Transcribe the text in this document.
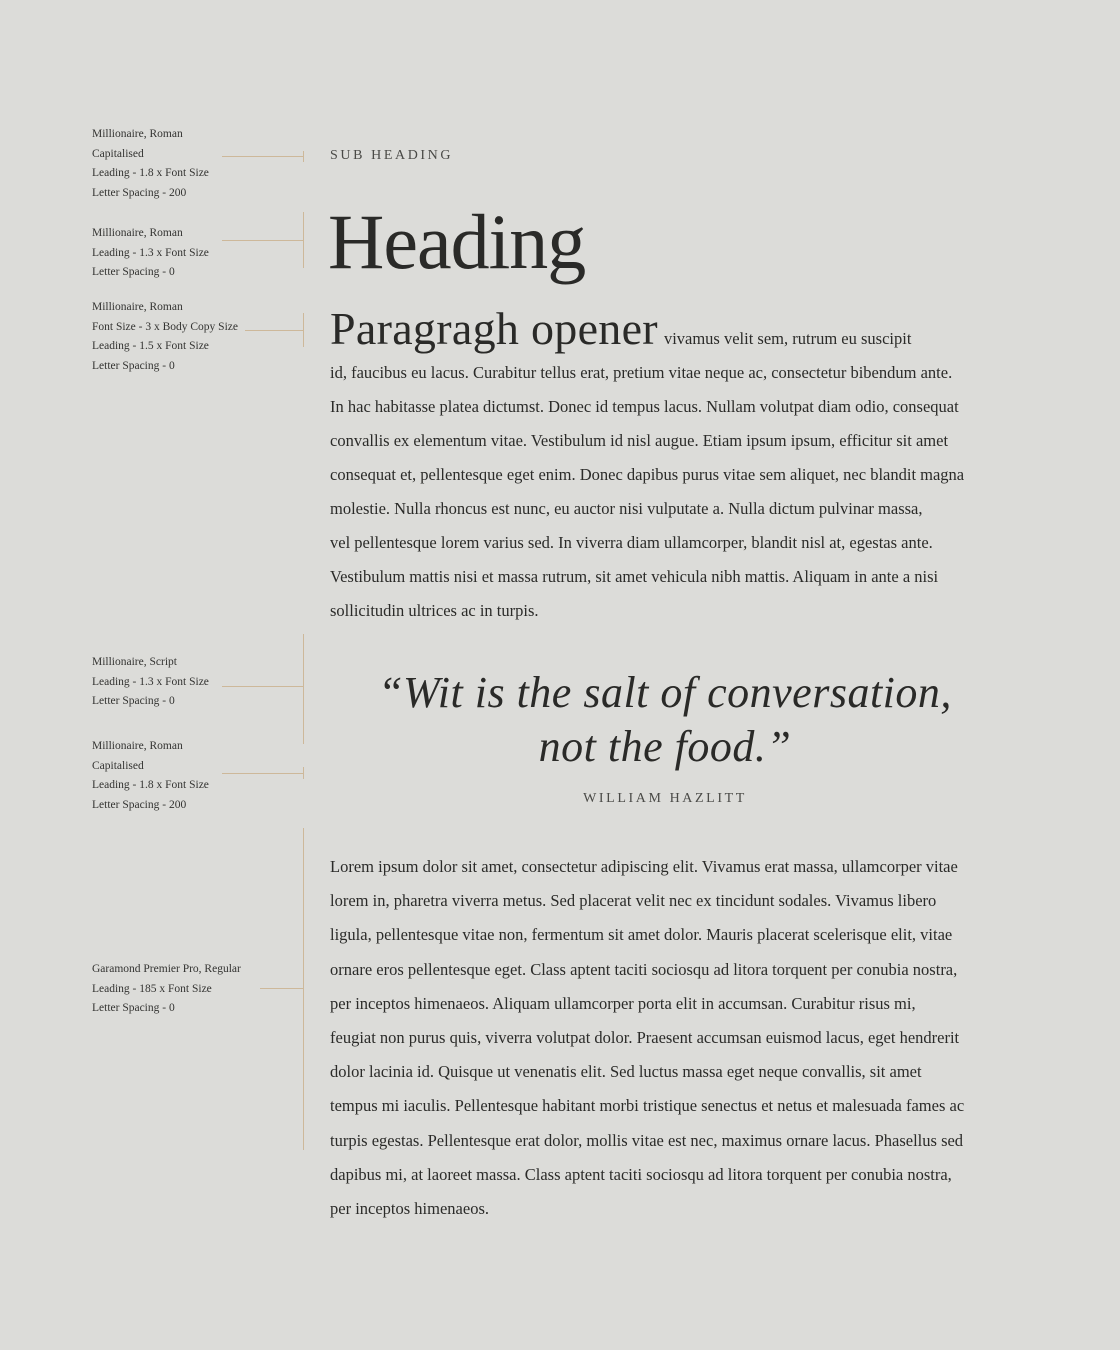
Millionaire, Roman
Capitalised
Leading - 1.8 x Font Size
Letter Spacing - 200
Millionaire, Roman
Leading - 1.3 x Font Size
Letter Spacing - 0
Millionaire, Roman
Font Size - 3 x Body Copy Size
Leading - 1.5 x Font Size
Letter Spacing - 0
Millionaire, Script
Leading - 1.3 x Font Size
Letter Spacing - 0
Millionaire, Roman
Capitalised
Leading - 1.8 x Font Size
Letter Spacing - 200
Garamond Premier Pro, Regular
Leading - 185 x Font Size
Letter Spacing - 0
SUB HEADING
Heading

Paragragh opener vivamus velit sem, rutrum eu suscipit
id, faucibus eu lacus. Curabitur tellus erat, pretium vitae neque ac, consectetur bibendum ante.
In hac habitasse platea dictumst. Donec id tempus lacus. Nullam volutpat diam odio, consequat
convallis ex elementum vitae. Vestibulum id nisl augue. Etiam ipsum ipsum, efficitur sit amet
consequat et, pellentesque eget enim. Donec dapibus purus vitae sem aliquet, nec blandit magna
molestie. Nulla rhoncus est nunc, eu auctor nisi vulputate a. Nulla dictum pulvinar massa,
vel pellentesque lorem varius sed. In viverra diam ullamcorper, blandit nisl at, egestas ante.
Vestibulum mattis nisi et massa rutrum, sit amet vehicula nibh mattis. Aliquam in ante a nisi
sollicitudin ultrices ac in turpis.

“Wit is the salt of conversation,
not the food.”
WILLIAM HAZLITT

Lorem ipsum dolor sit amet, consectetur adipiscing elit. Vivamus erat massa, ullamcorper vitae
lorem in, pharetra viverra metus. Sed placerat velit nec ex tincidunt sodales. Vivamus libero
ligula, pellentesque vitae non, fermentum sit amet dolor. Mauris placerat scelerisque elit, vitae
ornare eros pellentesque eget. Class aptent taciti sociosqu ad litora torquent per conubia nostra,
per inceptos himenaeos. Aliquam ullamcorper porta elit in accumsan. Curabitur risus mi,
feugiat non purus quis, viverra volutpat dolor. Praesent accumsan euismod lacus, eget hendrerit
dolor lacinia id. Quisque ut venenatis elit. Sed luctus massa eget neque convallis, sit amet
tempus mi iaculis. Pellentesque habitant morbi tristique senectus et netus et malesuada fames ac
turpis egestas. Pellentesque erat dolor, mollis vitae est nec, maximus ornare lacus. Phasellus sed
dapibus mi, at laoreet massa. Class aptent taciti sociosqu ad litora torquent per conubia nostra,
per inceptos himenaeos.
